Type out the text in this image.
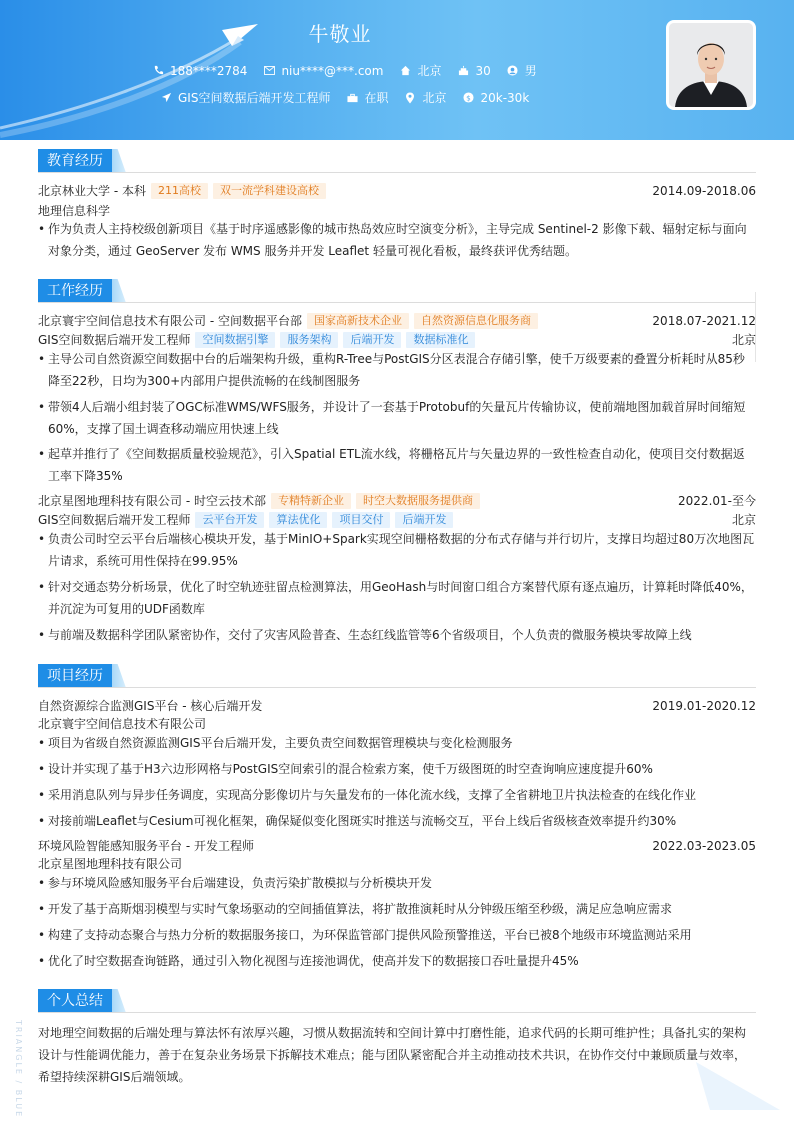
牛敬业
188****2784	niu****@***.com	北京	30	男
GIS空间数据后端开发工程师	在职	北京 $ 20k-30k
教育经历
北京林业大学 - 本科	211高校	双一流学科建设高校	2014.09-2018.06
地理信息科学
• 作为负责人主持校级创新项目《基于时序遥感影像的城市热岛效应时空演变分析》，主导完成 Sentinel-2 影像下载、辐射定标与面向对象分类，通过 GeoServer 发布 WMS 服务并开发 Leaflet 轻量可视化看板，最终获评优秀结题。
工作经历
北京寰宇空间信息技术有限公司 - 空间数据平台部	国家高新技术企业	自然资源信息化服务商	2018.07-2021.12
GIS空间数据后端开发工程师	空间数据引擎	服务架构	后端开发	数据标准化	北京
• 主导公司自然资源空间数据中台的后端架构升级，重构R-Tree与PostGIS分区表混合存储引擎，使千万级要素的叠置分析耗时从85秒降至22秒，日均为300+内部用户提供流畅的在线制图服务
• 带领4人后端小组封装了OGC标准WMS/WFS服务，并设计了一套基于Protobuf的矢量瓦片传输协议，使前端地图加载首屏时间缩短60%，支撑了国土调查移动端应用快速上线
• 起草并推行了《空间数据质量校验规范》，引入Spatial ETL流水线，将栅格瓦片与矢量边界的一致性检查自动化，使项目交付数据返工率下降35%
北京星图地理科技有限公司 - 时空云技术部	专精特新企业	时空大数据服务提供商	2022.01-至今
GIS空间数据后端开发工程师	云平台开发	算法优化	项目交付	后端开发	北京
• 负责公司时空云平台后端核心模块开发，基于MinIO+Spark实现空间栅格数据的分布式存储与并行切片，支撑日均超过80万次地图瓦片请求，系统可用性保持在99.95%
• 针对交通态势分析场景，优化了时空轨迹驻留点检测算法，用GeoHash与时间窗口组合方案替代原有逐点遍历，计算耗时降低40%，并沉淀为可复用的UDF函数库
• 与前端及数据科学团队紧密协作，交付了灾害风险普查、生态红线监管等6个省级项目，个人负责的微服务模块零故障上线
项目经历
自然资源综合监测GIS平台 - 核心后端开发	2019.01-2020.12
北京寰宇空间信息技术有限公司
• 项目为省级自然资源监测GIS平台后端开发，主要负责空间数据管理模块与变化检测服务
• 设计并实现了基于H3六边形网格与PostGIS空间索引的混合检索方案，使千万级图斑的时空查询响应速度提升60%
• 采用消息队列与异步任务调度，实现高分影像切片与矢量发布的一体化流水线，支撑了全省耕地卫片执法检查的在线化作业
• 对接前端Leaflet与Cesium可视化框架，确保疑似变化图斑实时推送与流畅交互，平台上线后省级核查效率提升约30%
环境风险智能感知服务平台 - 开发工程师	2022.03-2023.05
北京星图地理科技有限公司
• 参与环境风险感知服务平台后端建设，负责污染扩散模拟与分析模块开发
• 开发了基于高斯烟羽模型与实时气象场驱动的空间插值算法，将扩散推演耗时从分钟级压缩至秒级，满足应急响应需求
• 构建了支持动态聚合与热力分析的数据服务接口，为环保监管部门提供风险预警推送，平台已被8个地级市环境监测站采用
• 优化了时空数据查询链路，通过引入物化视图与连接池调优，使高并发下的数据接口吞吐量提升45%
个人总结
对地理空间数据的后端处理与算法怀有浓厚兴趣，习惯从数据流转和空间计算中打磨性能，追求代码的长期可维护性；具备扎实的架构设计与性能调优能力，善于在复杂业务场景下拆解技术难点；能与团队紧密配合并主动推动技术共识，在协作交付中兼顾质量与效率，希望持续深耕GIS后端领域。
TRIANGLE / BLUE
